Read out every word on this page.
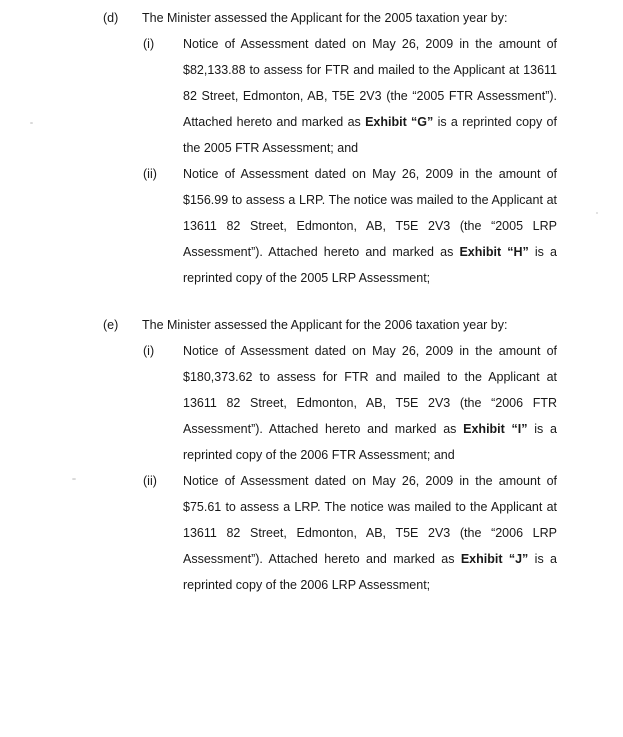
(d)	The Minister assessed the Applicant for the 2005 taxation year by:
(i)	Notice of Assessment dated on May 26, 2009 in the amount of $82,133.88 to assess for FTR and mailed to the Applicant at 13611 82 Street, Edmonton, AB, T5E 2V3 (the “2005 FTR Assessment”). Attached hereto and marked as Exhibit “G” is a reprinted copy of the 2005 FTR Assessment; and
(ii)	Notice of Assessment dated on May 26, 2009 in the amount of $156.99 to assess a LRP. The notice was mailed to the Applicant at 13611 82 Street, Edmonton, AB, T5E 2V3 (the “2005 LRP Assessment”). Attached hereto and marked as Exhibit “H” is a reprinted copy of the 2005 LRP Assessment;
(e)	The Minister assessed the Applicant for the 2006 taxation year by:
(i)	Notice of Assessment dated on May 26, 2009 in the amount of $180,373.62 to assess for FTR and mailed to the Applicant at 13611 82 Street, Edmonton, AB, T5E 2V3 (the “2006 FTR Assessment”). Attached hereto and marked as Exhibit “I” is a reprinted copy of the 2006 FTR Assessment; and
(ii)	Notice of Assessment dated on May 26, 2009 in the amount of $75.61 to assess a LRP. The notice was mailed to the Applicant at 13611 82 Street, Edmonton, AB, T5E 2V3 (the “2006 LRP Assessment”). Attached hereto and marked as Exhibit “J” is a reprinted copy of the 2006 LRP Assessment;
